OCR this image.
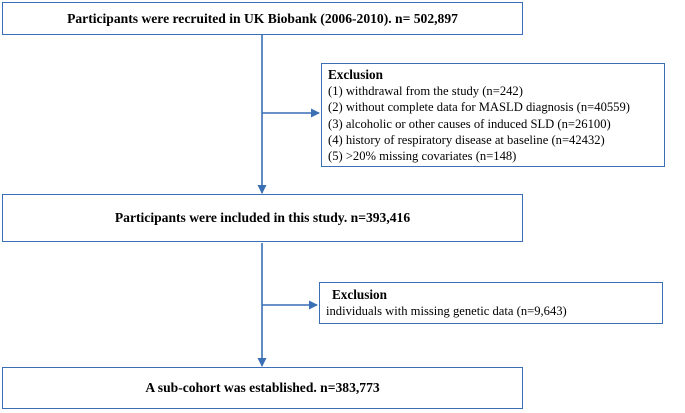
Participants were recruited in UK Biobank (2006-2010). n= 502,897
Exclusion
(1) withdrawal from the study (n=242)
(2) without complete data for MASLD diagnosis (n=40559)
(3) alcoholic or other causes of induced SLD (n=26100)
(4) history of respiratory disease at baseline (n=42432)
(5) >20% missing covariates (n=148)
Participants were included in this study. n=393,416
Exclusion
individuals with missing genetic data (n=9,643)
A sub-cohort was established. n=383,773
